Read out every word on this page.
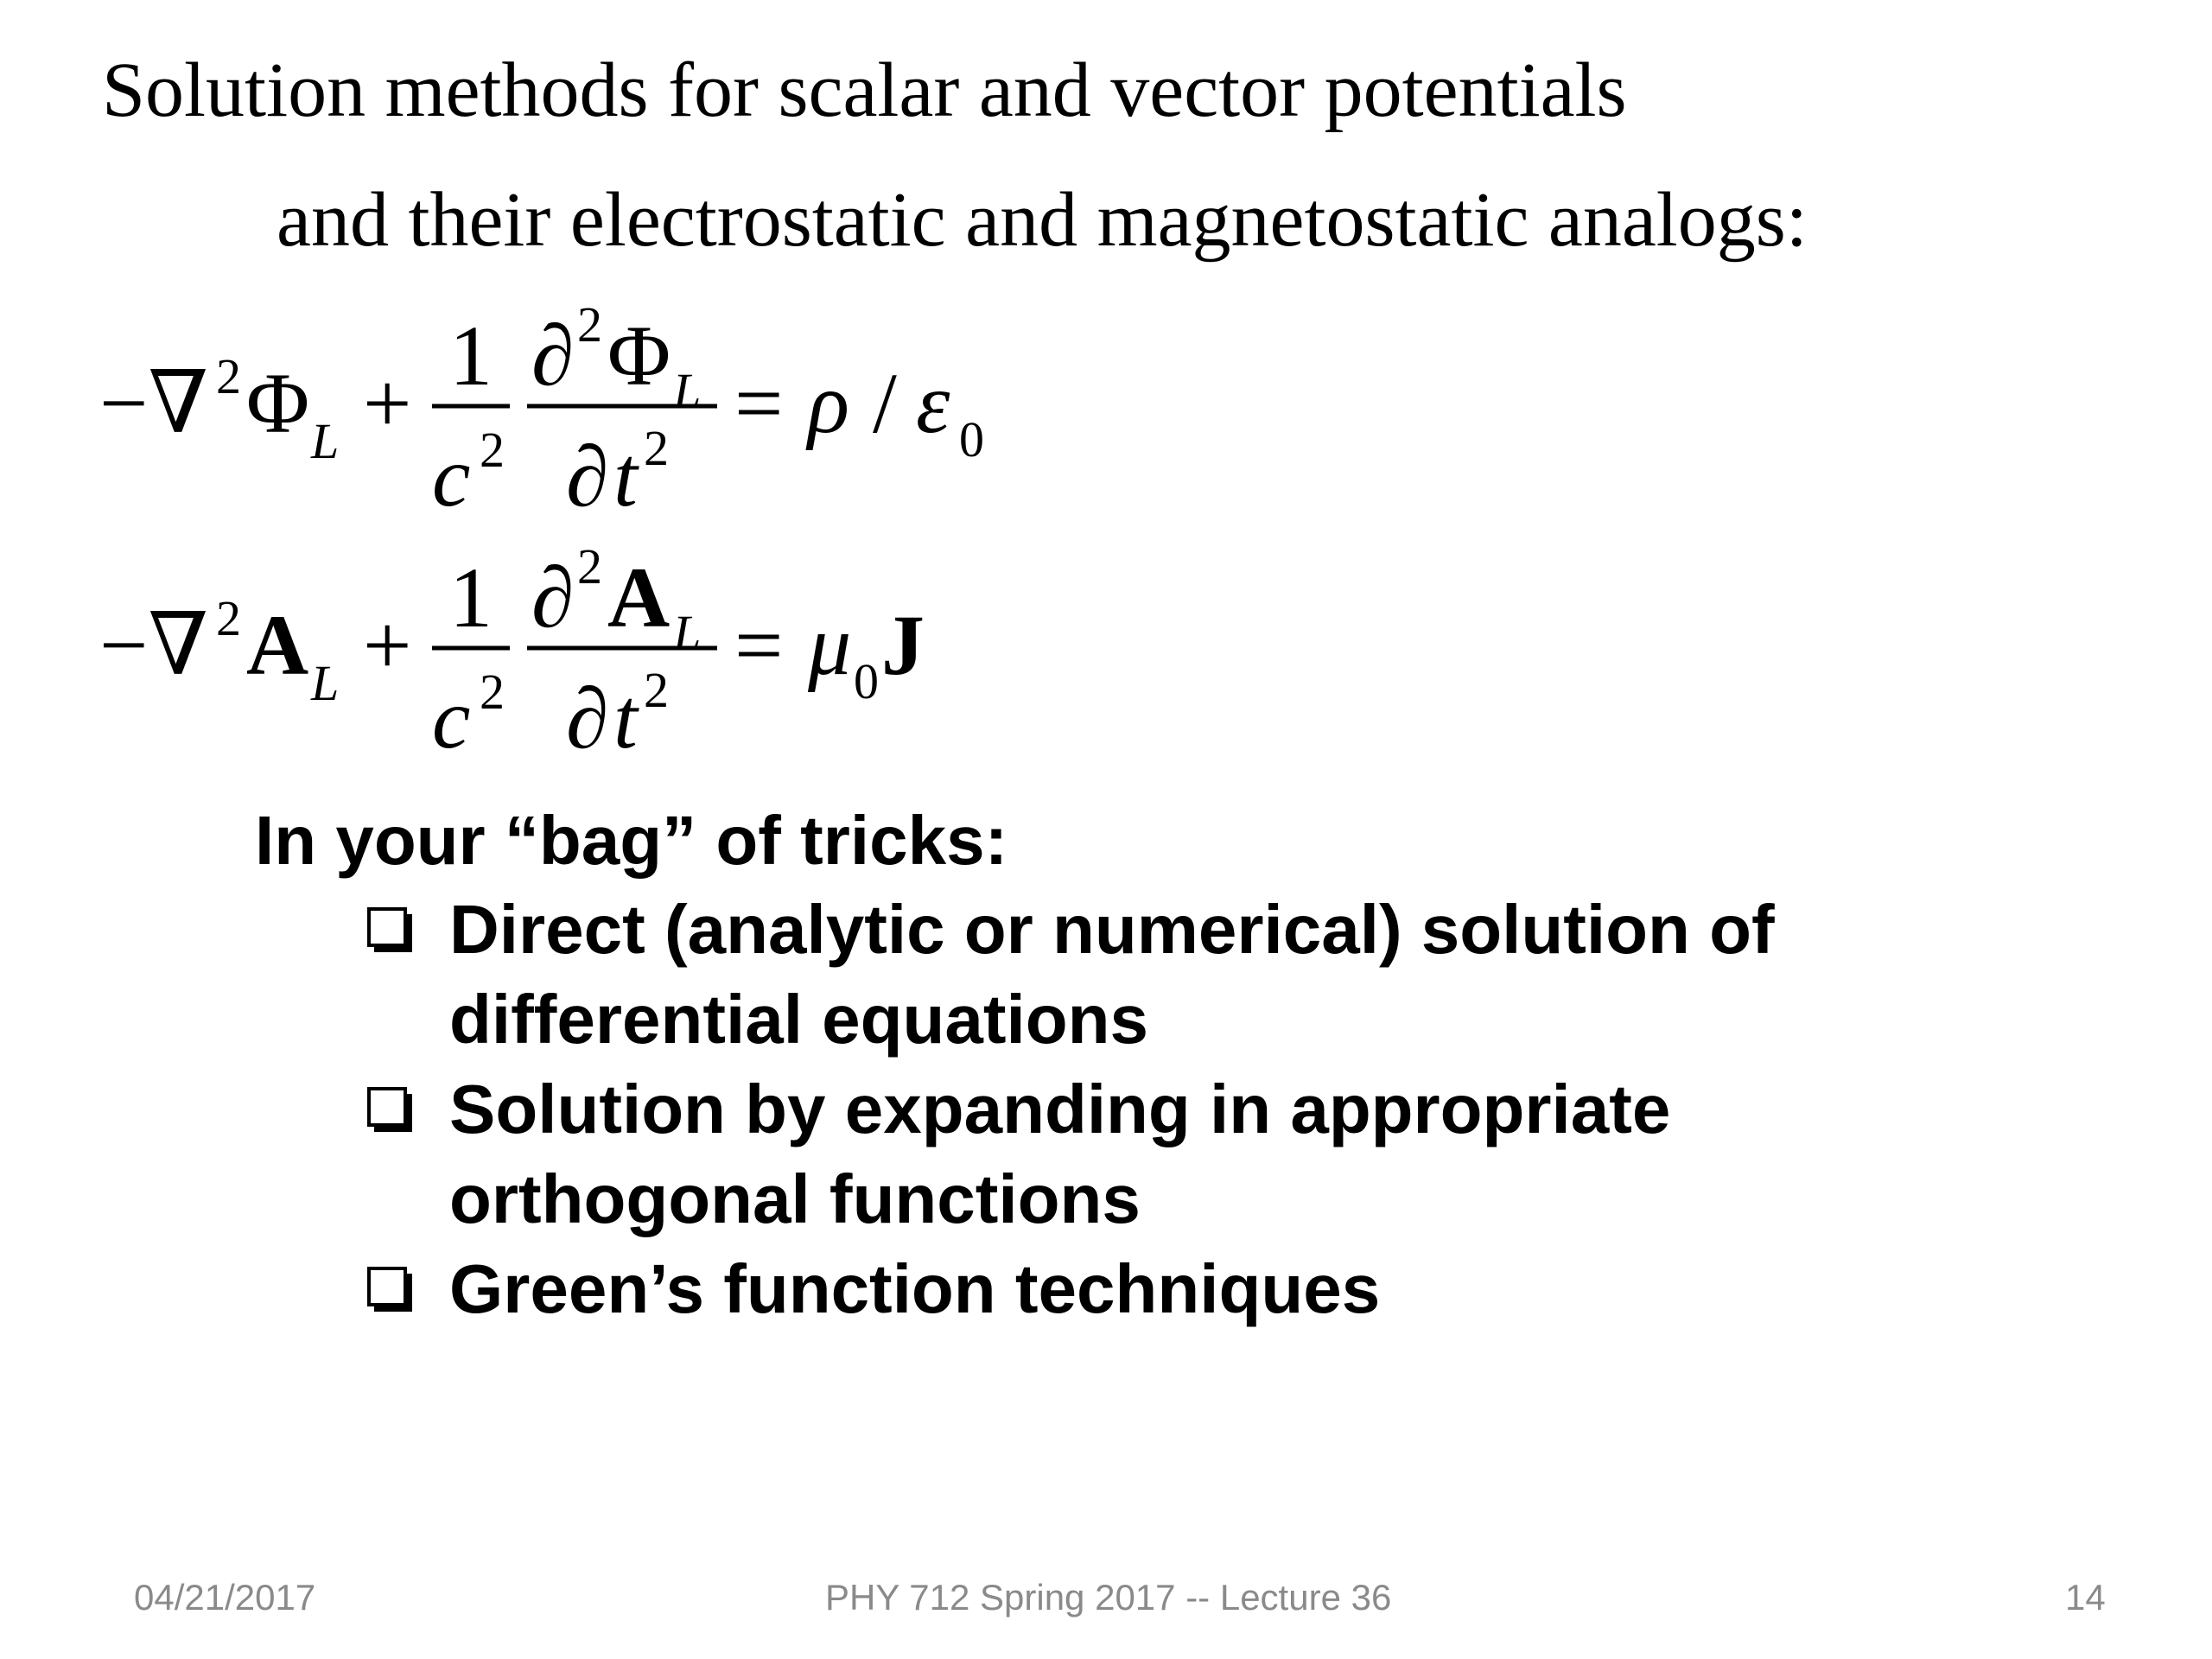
Solution methods for scalar and vector potentials
and their electrostatic and magnetostatic analogs:
−∇ 2 Φ L + 1
c 2
∂ 2 Φ L
∂ t 2 = ρ / ε 0
−∇ 2 A L + 1
c 2
∂ 2 A L
∂ t 2 = μ 0 J
In your “bag” of tricks:
Direct (analytic or numerical) solution of differential equations
Solution by expanding in appropriate orthogonal functions
Green’s function techniques
04/21/2017	PHY 712 Spring 2017 -- Lecture 36	14
